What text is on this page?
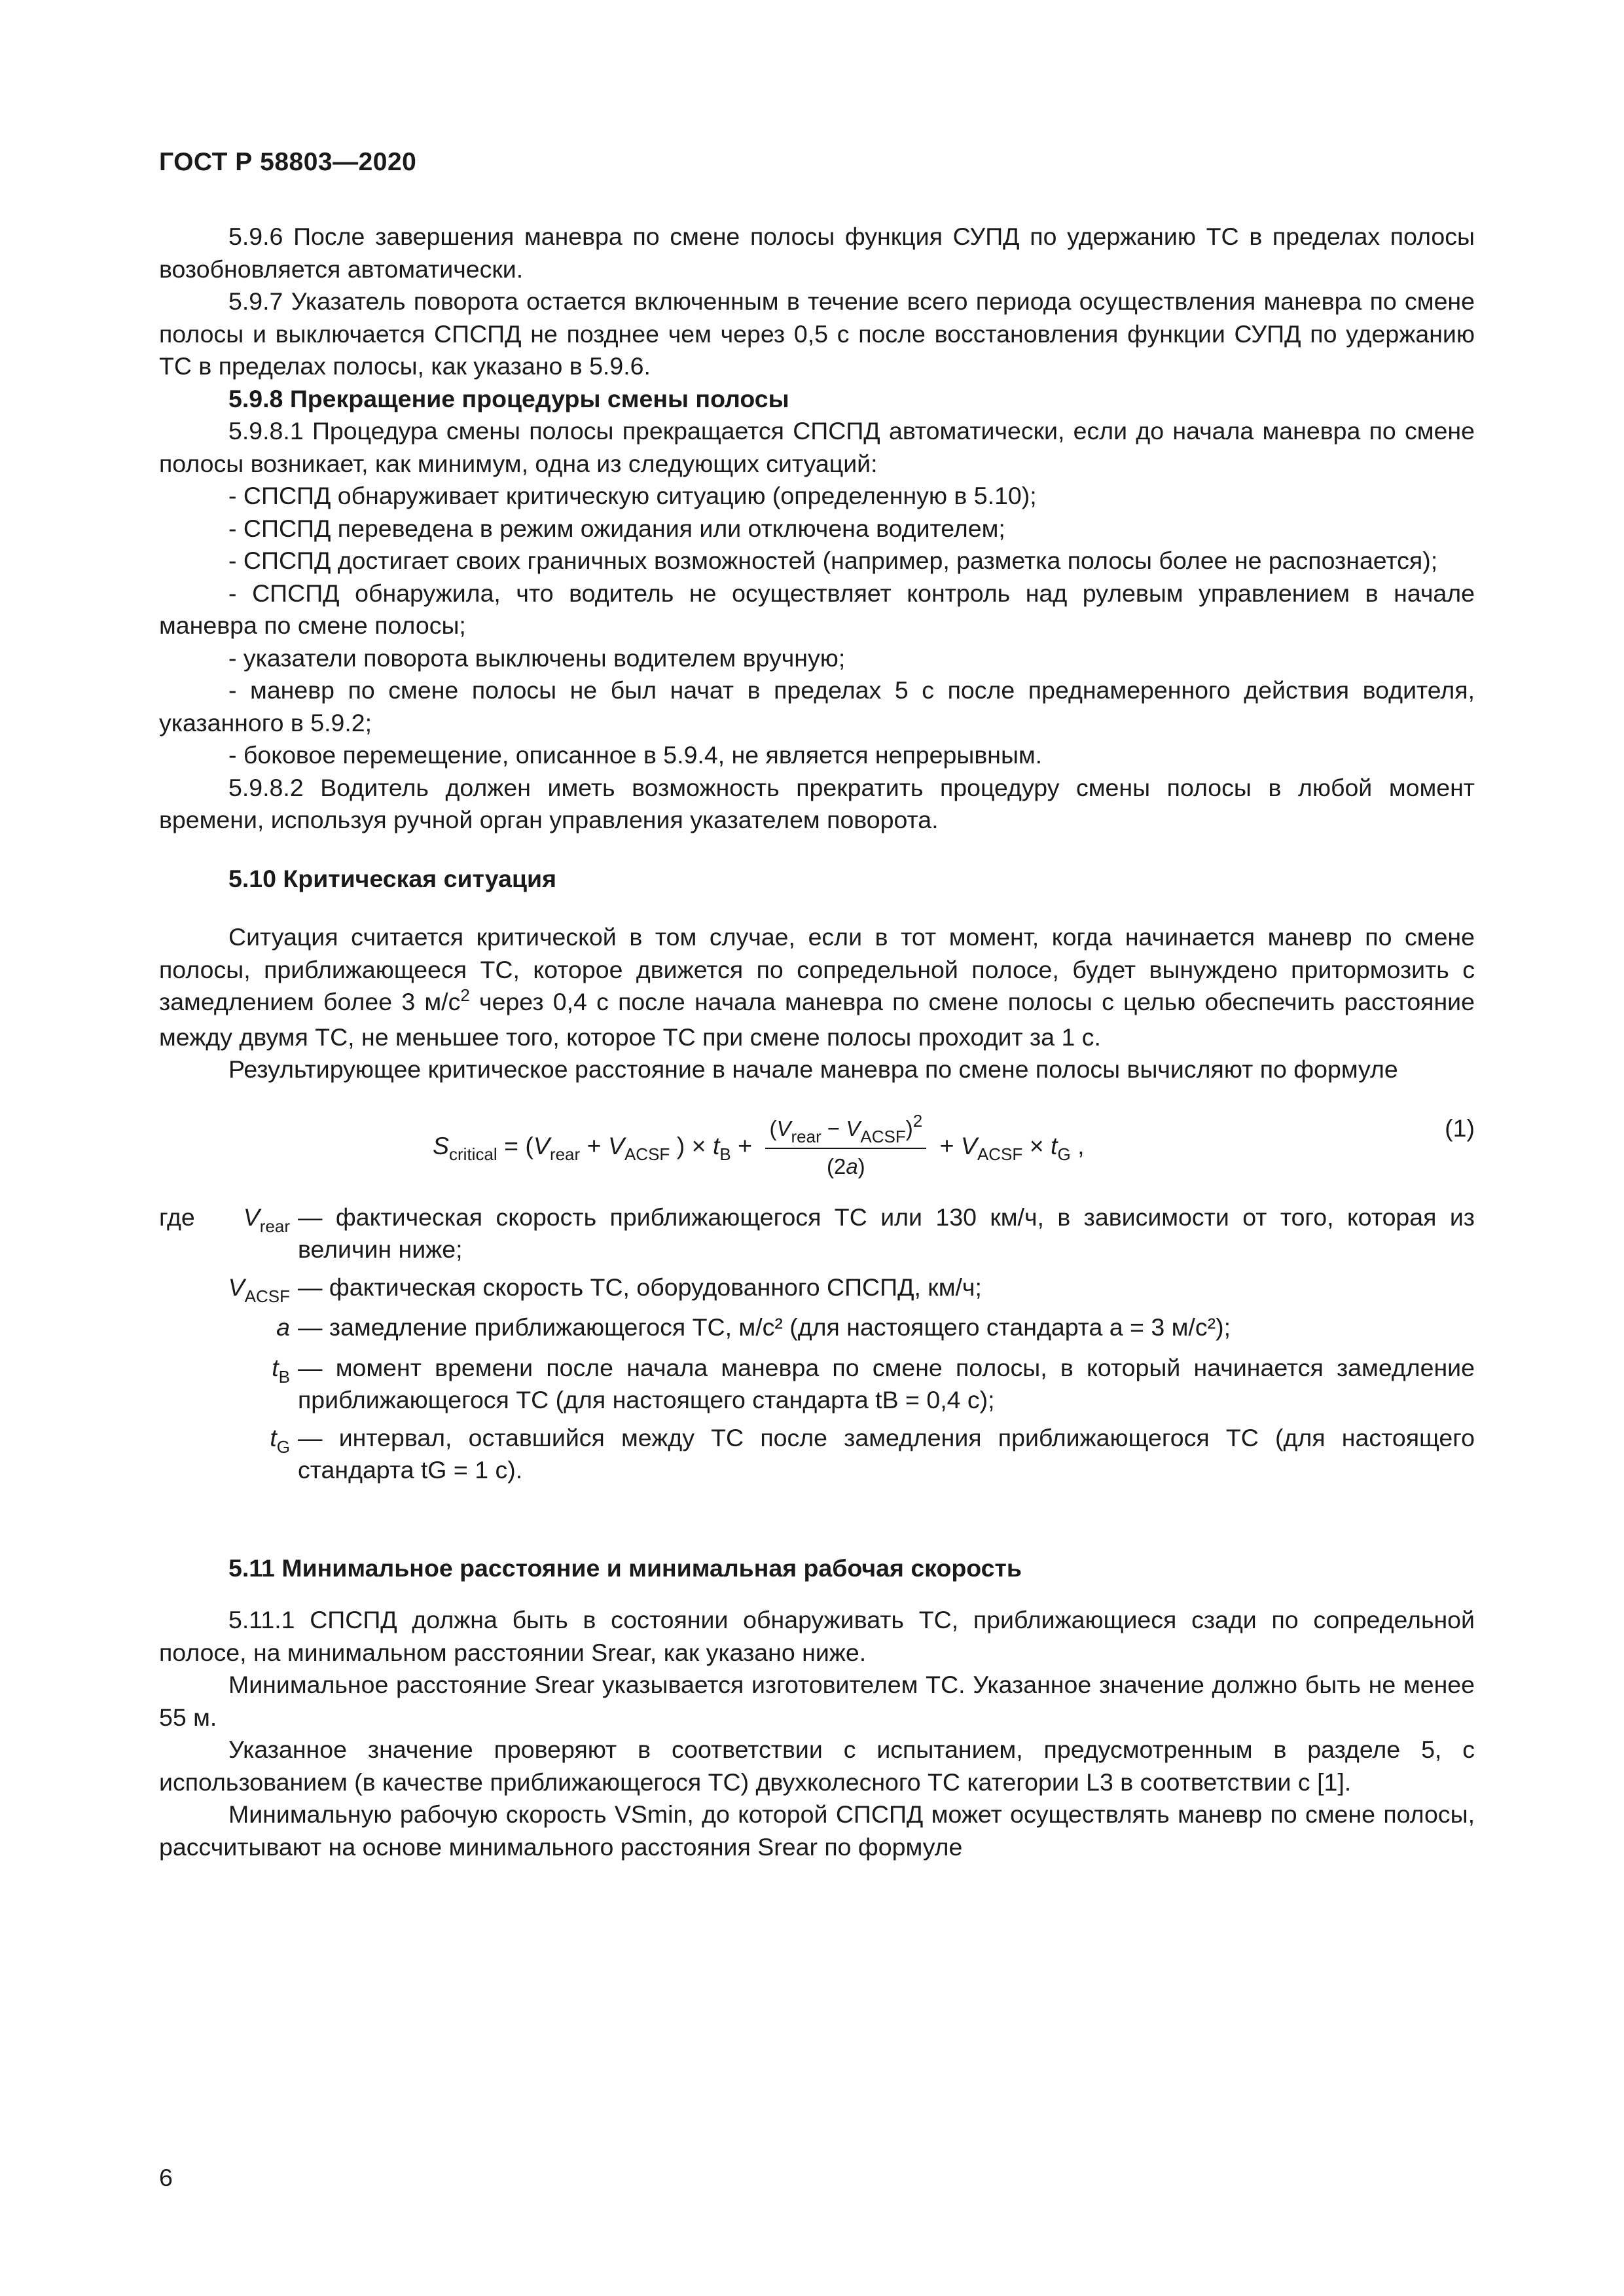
ГОСТ Р 58803—2020

5.9.6 После завершения маневра по смене полосы функция СУПД по удержанию ТС в пределах полосы возобновляется автоматически.

5.9.7 Указатель поворота остается включенным в течение всего периода осуществления маневра по смене полосы и выключается СПСПД не позднее чем через 0,5 с после восстановления функции СУПД по удержанию ТС в пределах полосы, как указано в 5.9.6.

5.9.8 Прекращение процедуры смены полосы

5.9.8.1 Процедура смены полосы прекращается СПСПД автоматически, если до начала маневра по смене полосы возникает, как минимум, одна из следующих ситуаций:

- СПСПД обнаруживает критическую ситуацию (определенную в 5.10);

- СПСПД переведена в режим ожидания или отключена водителем;

- СПСПД достигает своих граничных возможностей (например, разметка полосы более не распознается);

- СПСПД обнаружила, что водитель не осуществляет контроль над рулевым управлением в начале маневра по смене полосы;

- указатели поворота выключены водителем вручную;

- маневр по смене полосы не был начат в пределах 5 с после преднамеренного действия водителя, указанного в 5.9.2;

- боковое перемещение, описанное в 5.9.4, не является непрерывным.

5.9.8.2 Водитель должен иметь возможность прекратить процедуру смены полосы в любой момент времени, используя ручной орган управления указателем поворота.

5.10 Критическая ситуация

Ситуация считается критической в том случае, если в тот момент, когда начинается маневр по смене полосы, приближающееся ТС, которое движется по сопредельной полосе, будет вынуждено притормозить с замедлением более 3 $м/с^2$ через 0,4 с после начала маневра по смене полосы с целью обеспечить расстояние между двумя ТС, не меньшее того, которое ТС при смене полосы проходит за 1 с.

Результирующее критическое расстояние в начале маневра по смене полосы вычисляют по формуле

$S_{critical} = (V_{rear} + V_{ACSF}$ ) × $t_B + \frac{(V_{rear} - V_{ACSF})^2}{(2a)} + V_{ACSF} \times t_G$ ,
(1)
где	$V_{rear}$ — фактическая скорость приближающегося ТС или 130 км/ч, в зависимости от того, которая из величин ниже;
$V_{ACSF}$ — фактическая скорость ТС, оборудованного СПСПД, км/ч;
a — замедление приближающегося ТС, м/с² (для настоящего стандарта a = 3 м/с²);
$t_B$ — момент времени после начала маневра по смене полосы, в который начинается замедление приближающегося ТС (для настоящего стандарта tB = 0,4 с);
$t_G$ — интервал, оставшийся между ТС после замедления приближающегося ТС (для настоящего стандарта tG = 1 с).

5.11 Минимальное расстояние и минимальная рабочая скорость

5.11.1 СПСПД должна быть в состоянии обнаруживать ТС, приближающиеся сзади по сопредельной полосе, на минимальном расстоянии Srear, как указано ниже.

Минимальное расстояние Srear указывается изготовителем ТС. Указанное значение должно быть не менее 55 м.

Указанное значение проверяют в соответствии с испытанием, предусмотренным в разделе 5, с использованием (в качестве приближающегося ТС) двухколесного ТС категории L3 в соответствии с [1].

Минимальную рабочую скорость VSmin, до которой СПСПД может осуществлять маневр по смене полосы, рассчитывают на основе минимального расстояния Srear по формуле

6
